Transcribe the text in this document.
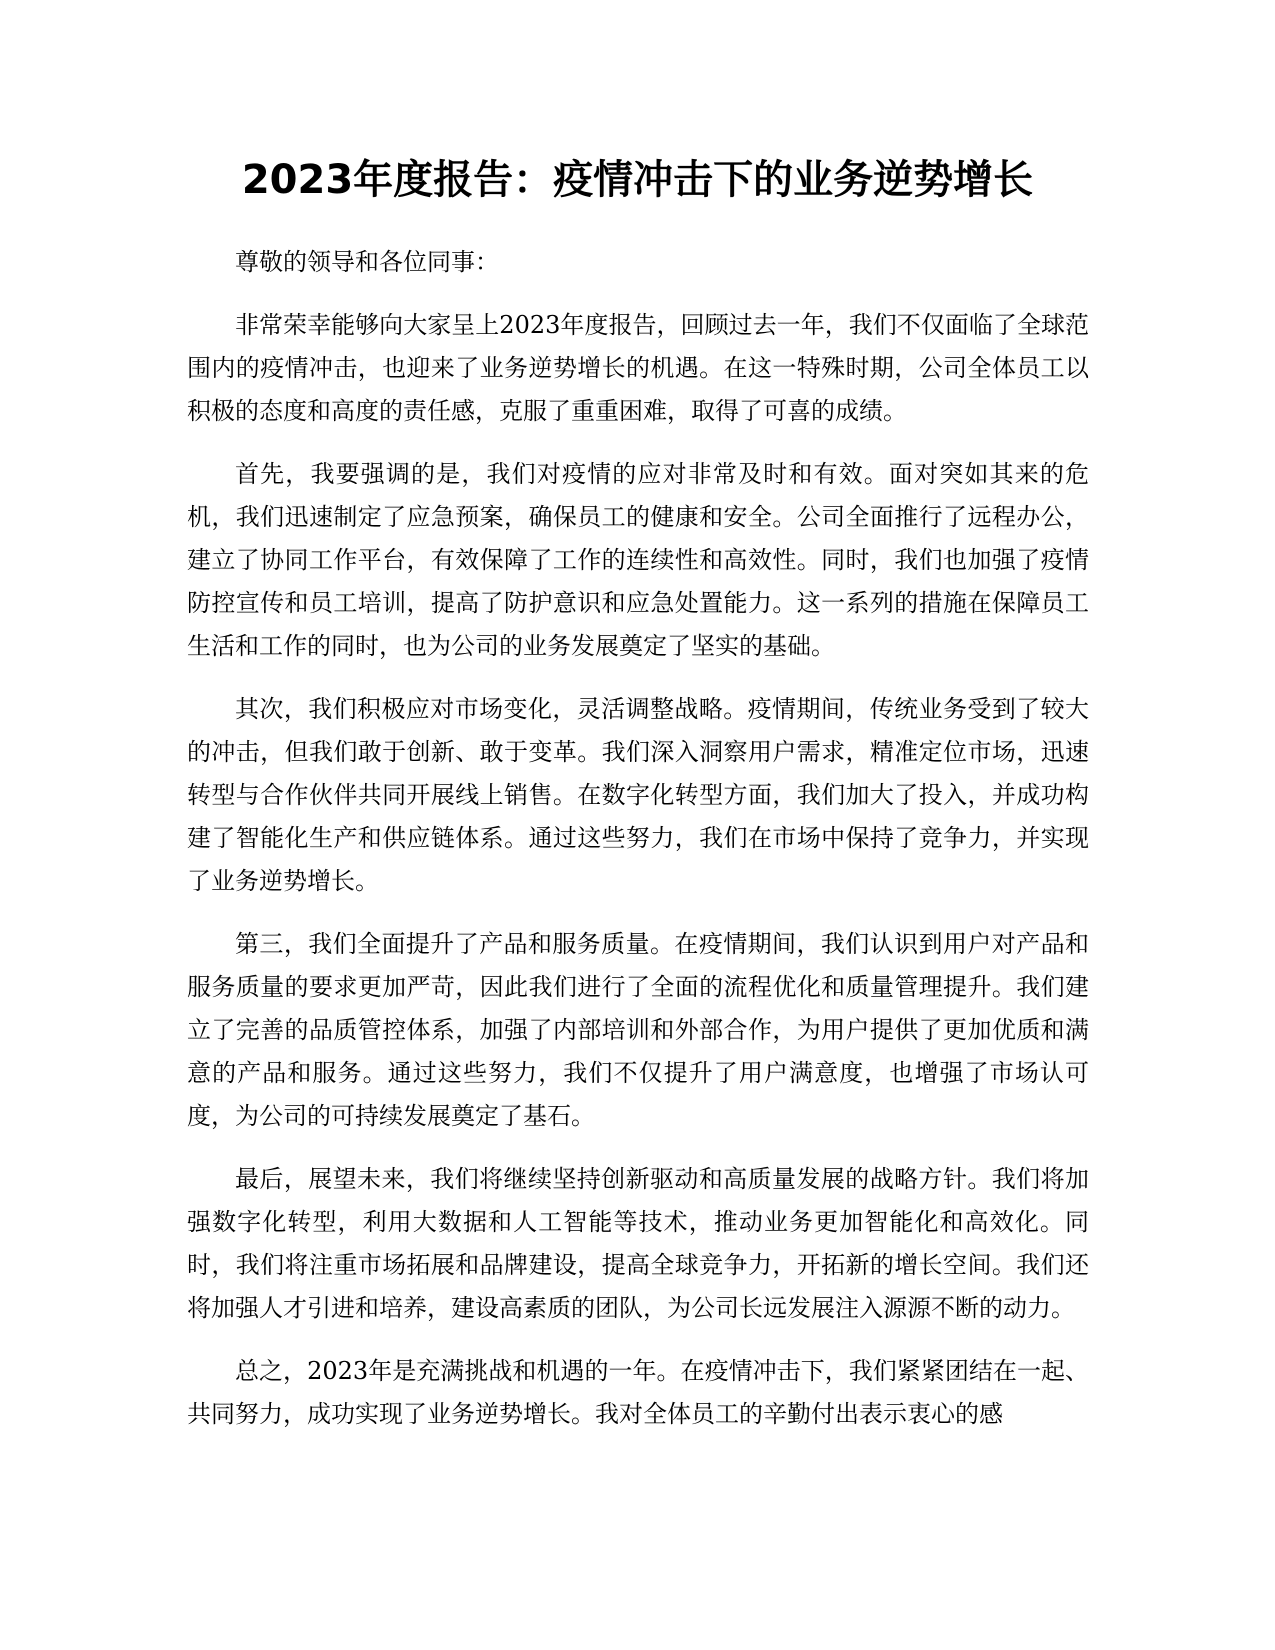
2023年度报告：疫情冲击下的业务逆势增长

尊敬的领导和各位同事：

非常荣幸能够向大家呈上2023年度报告，回顾过去一年，我们不仅面临了全球范围内的疫情冲击，也迎来了业务逆势增长的机遇。在这一特殊时期，公司全体员工以积极的态度和高度的责任感，克服了重重困难，取得了可喜的成绩。

首先，我要强调的是，我们对疫情的应对非常及时和有效。面对突如其来的危机，我们迅速制定了应急预案，确保员工的健康和安全。公司全面推行了远程办公，建立了协同工作平台，有效保障了工作的连续性和高效性。同时，我们也加强了疫情防控宣传和员工培训，提高了防护意识和应急处置能力。这一系列的措施在保障员工生活和工作的同时，也为公司的业务发展奠定了坚实的基础。

其次，我们积极应对市场变化，灵活调整战略。疫情期间，传统业务受到了较大的冲击，但我们敢于创新、敢于变革。我们深入洞察用户需求，精准定位市场，迅速转型与合作伙伴共同开展线上销售。在数字化转型方面，我们加大了投入，并成功构建了智能化生产和供应链体系。通过这些努力，我们在市场中保持了竞争力，并实现了业务逆势增长。

第三，我们全面提升了产品和服务质量。在疫情期间，我们认识到用户对产品和服务质量的要求更加严苛，因此我们进行了全面的流程优化和质量管理提升。我们建立了完善的品质管控体系，加强了内部培训和外部合作，为用户提供了更加优质和满意的产品和服务。通过这些努力，我们不仅提升了用户满意度，也增强了市场认可度，为公司的可持续发展奠定了基石。

最后，展望未来，我们将继续坚持创新驱动和高质量发展的战略方针。我们将加强数字化转型，利用大数据和人工智能等技术，推动业务更加智能化和高效化。同时，我们将注重市场拓展和品牌建设，提高全球竞争力，开拓新的增长空间。我们还将加强人才引进和培养，建设高素质的团队，为公司长远发展注入源源不断的动力。

总之，2023年是充满挑战和机遇的一年。在疫情冲击下，我们紧紧团结在一起、共同努力，成功实现了业务逆势增长。我对全体员工的辛勤付出表示衷心的感
